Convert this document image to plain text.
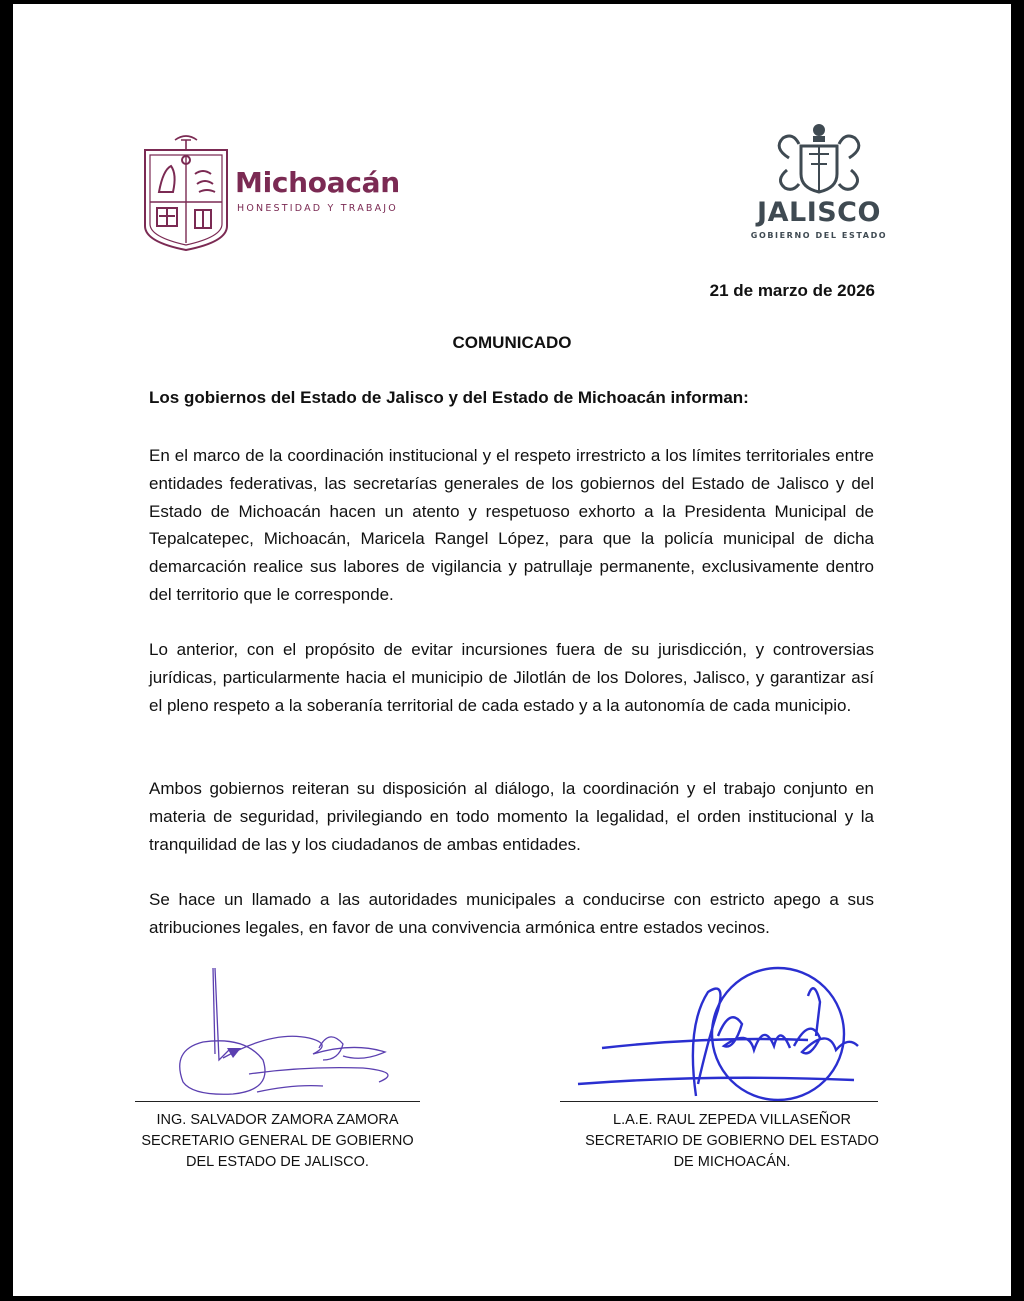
Michoacán
HONESTIDAD Y TRABAJO	JALISCO
GOBIERNO DEL ESTADO
21 de marzo de 2026
COMUNICADO
Los gobiernos del Estado de Jalisco y del Estado de Michoacán informan:

En el marco de la coordinación institucional y el respeto irrestricto a los límites territoriales entre entidades federativas, las secretarías generales de los gobiernos del Estado de Jalisco y del Estado de Michoacán hacen un atento y respetuoso exhorto a la Presidenta Municipal de Tepalcatepec, Michoacán, Maricela Rangel López, para que la policía municipal de dicha demarcación realice sus labores de vigilancia y patrullaje permanente, exclusivamente dentro del territorio que le corresponde.

Lo anterior, con el propósito de evitar incursiones fuera de su jurisdicción, y controversias jurídicas, particularmente hacia el municipio de Jilotlán de los Dolores, Jalisco, y garantizar así el pleno respeto a la soberanía territorial de cada estado y a la autonomía de cada municipio.

Ambos gobiernos reiteran su disposición al diálogo, la coordinación y el trabajo conjunto en materia de seguridad, privilegiando en todo momento la legalidad, el orden institucional y la tranquilidad de las y los ciudadanos de ambas entidades.

Se hace un llamado a las autoridades municipales a conducirse con estricto apego a sus atribuciones legales, en favor de una convivencia armónica entre estados vecinos.

ING. SALVADOR ZAMORA ZAMORA
SECRETARIO GENERAL DE GOBIERNO
DEL ESTADO DE JALISCO.
L.A.E. RAUL ZEPEDA VILLASEÑOR
SECRETARIO DE GOBIERNO DEL ESTADO
DE MICHOACÁN.
